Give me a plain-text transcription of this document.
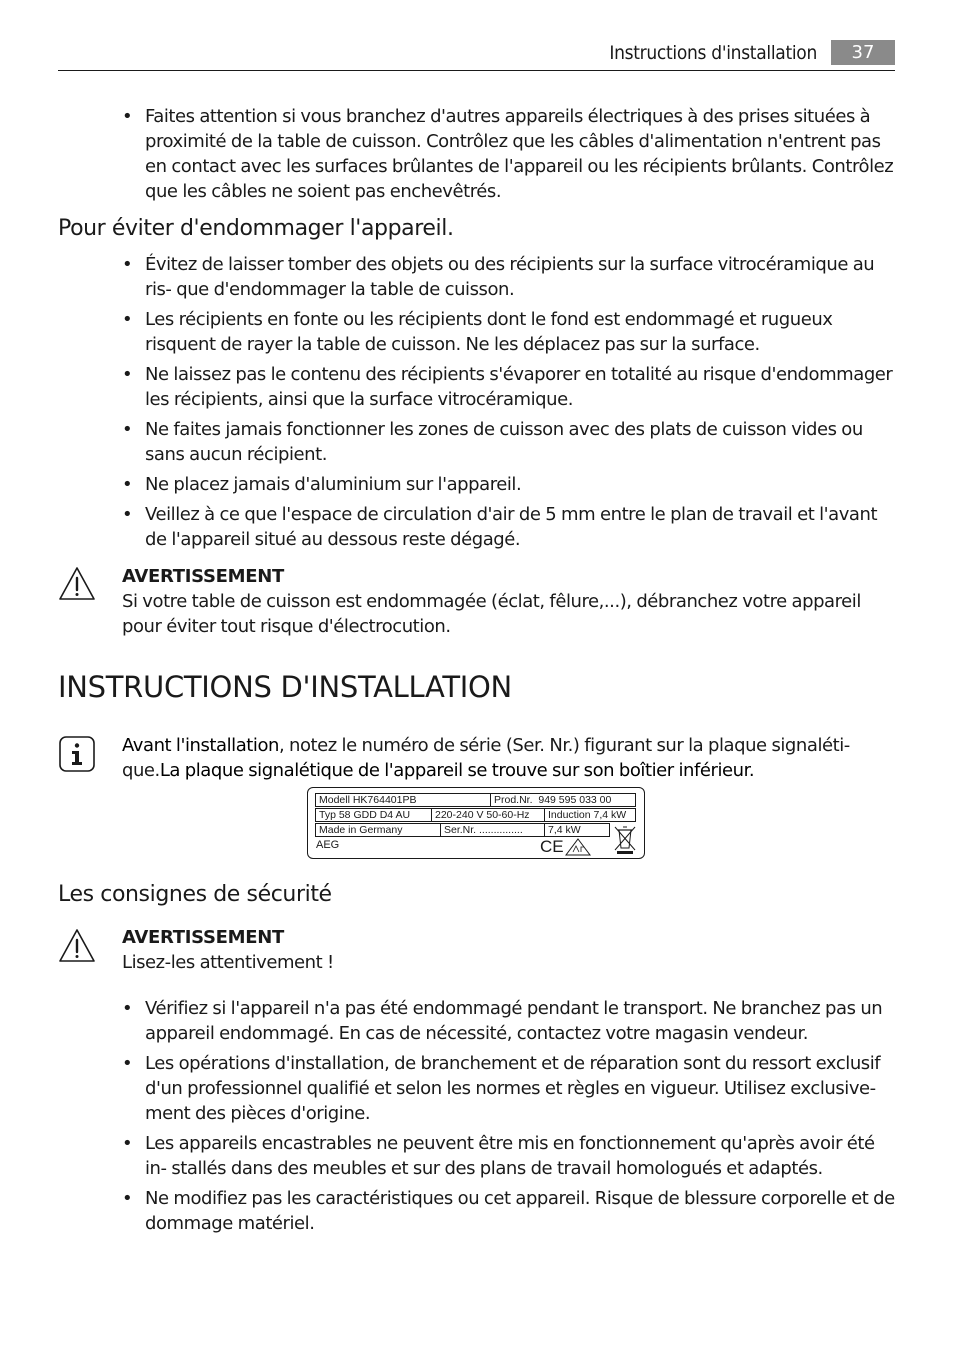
Instructions d'installation	37
• Faites attention si vous branchez d'autres appareils électriques à des prises situées à proximité de la table de cuisson. Contrôlez que les câbles d'alimentation n'entrent pas en contact avec les surfaces brûlantes de l'appareil ou les récipients brûlants. Contrôlez que les câbles ne soient pas enchevêtrés.
Pour éviter d'endommager l'appareil.
• Évitez de laisser tomber des objets ou des récipients sur la surface vitrocéramique au ris- que d'endommager la table de cuisson.
• Les récipients en fonte ou les récipients dont le fond est endommagé et rugueux risquent de rayer la table de cuisson. Ne les déplacez pas sur la surface.
• Ne laissez pas le contenu des récipients s'évaporer en totalité au risque d'endommager les récipients, ainsi que la surface vitrocéramique.
• Ne faites jamais fonctionner les zones de cuisson avec des plats de cuisson vides ou sans aucun récipient.
• Ne placez jamais d'aluminium sur l'appareil.
• Veillez à ce que l'espace de circulation d'air de 5 mm entre le plan de travail et l'avant de l'appareil situé au dessous reste dégagé.
AVERTISSEMENT
Si votre table de cuisson est endommagée (éclat, fêlure,...), débranchez votre appareil pour éviter tout risque d'électrocution.
INSTRUCTIONS D'INSTALLATION
Avant l'installation, notez le numéro de série (Ser. Nr.) figurant sur la plaque signaléti- que.La plaque signalétique de l'appareil se trouve sur son boîtier inférieur.
Modell HK764401PB	Prod.Nr. 949 595 033 00
Typ 58 GDD D4 AU	220-240 V 50-60-Hz	Induction 7,4 kW
Made in Germany	Ser.Nr. ...............	7,4 kW
AEG	CE
Les consignes de sécurité
AVERTISSEMENT
Lisez-les attentivement !
• Vérifiez si l'appareil n'a pas été endommagé pendant le transport. Ne branchez pas un appareil endommagé. En cas de nécessité, contactez votre magasin vendeur.
• Les opérations d'installation, de branchement et de réparation sont du ressort exclusif d'un professionnel qualifié et selon les normes et règles en vigueur. Utilisez exclusive- ment des pièces d'origine.
• Les appareils encastrables ne peuvent être mis en fonctionnement qu'après avoir été in- stallés dans des meubles et sur des plans de travail homologués et adaptés.
• Ne modifiez pas les caractéristiques ou cet appareil. Risque de blessure corporelle et de dommage matériel.
